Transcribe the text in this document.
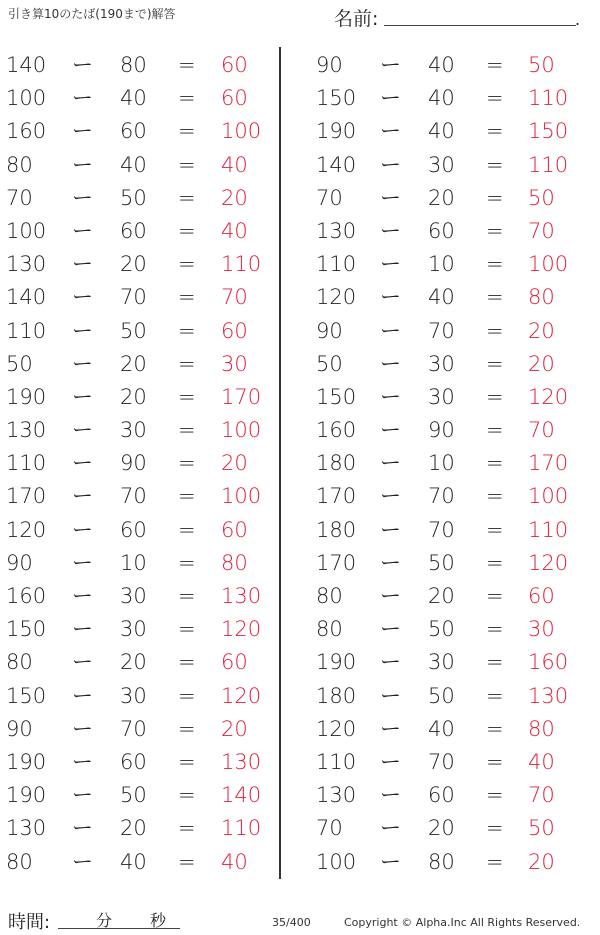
引き算10のたば(190まで)解答	名前:	.
140 ー 80 = 60
100 ー 40 = 60
160 ー 60 = 100
80 ー 40 = 40
70 ー 50 = 20
100 ー 60 = 40
130 ー 20 = 110
140 ー 70 = 70
110 ー 50 = 60
50 ー 20 = 30
190 ー 20 = 170
130 ー 30 = 100
110 ー 90 = 20
170 ー 70 = 100
120 ー 60 = 60
90 ー 10 = 80
160 ー 30 = 130
150 ー 30 = 120
80 ー 20 = 60
150 ー 30 = 120
90 ー 70 = 20
190 ー 60 = 130
190 ー 50 = 140
130 ー 20 = 110
80 ー 40 = 40
90 ー 40 = 50
150 ー 40 = 110
190 ー 40 = 150
140 ー 30 = 110
70 ー 20 = 50
130 ー 60 = 70
110 ー 10 = 100
120 ー 40 = 80
90 ー 70 = 20
50 ー 30 = 20
150 ー 30 = 120
160 ー 90 = 70
180 ー 10 = 170
170 ー 70 = 100
180 ー 70 = 110
170 ー 50 = 120
80 ー 20 = 60
80 ー 50 = 30
190 ー 30 = 160
180 ー 50 = 130
120 ー 40 = 80
110 ー 70 = 40
130 ー 60 = 70
70 ー 20 = 50
100 ー 80 = 20
時間:	分 秒	35/400	Copyright © Alpha.Inc All Rights Reserved.
